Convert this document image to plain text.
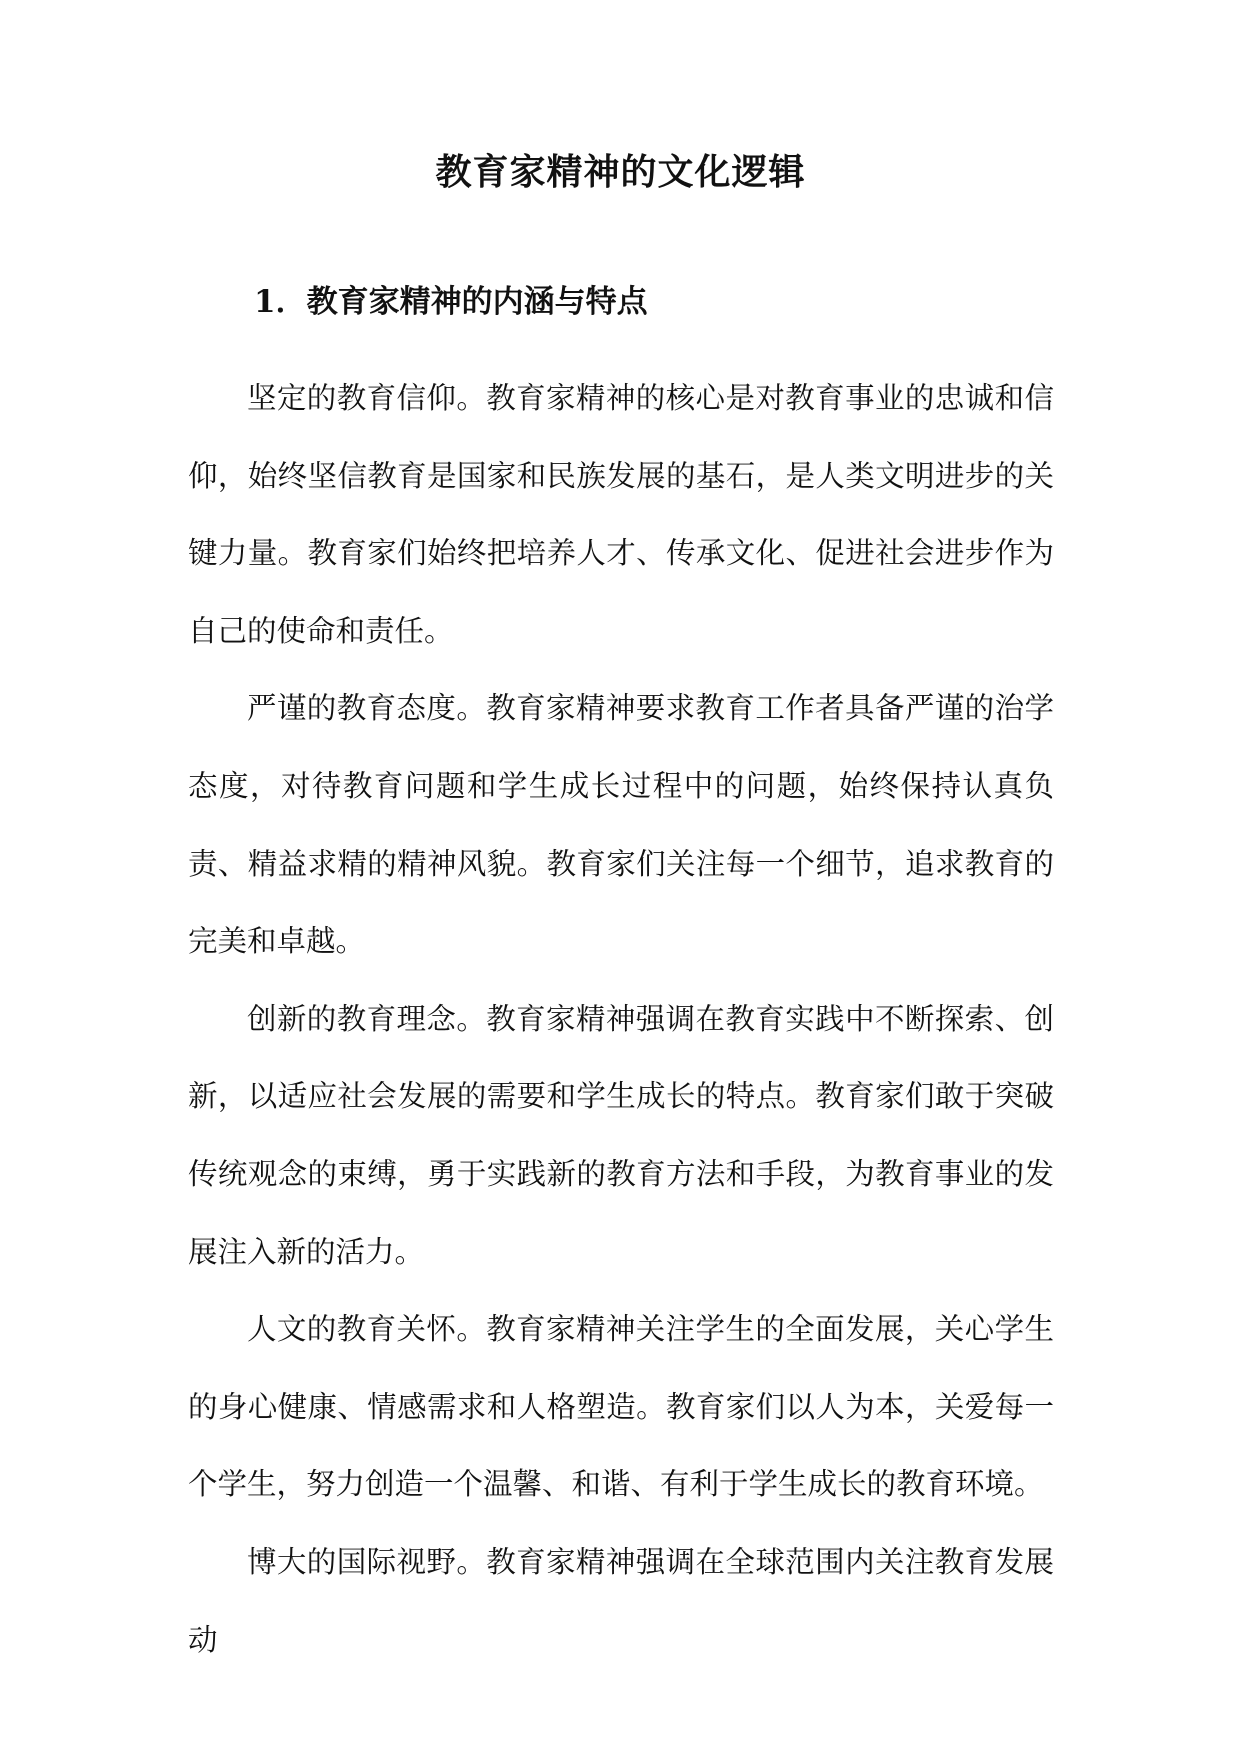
教育家精神的文化逻辑
1．教育家精神的内涵与特点

坚定的教育信仰。教育家精神的核心是对教育事业的忠诚和信仰，始终坚信教育是国家和民族发展的基石，是人类文明进步的关键力量。教育家们始终把培养人才、传承文化、促进社会进步作为自己的使命和责任。

严谨的教育态度。教育家精神要求教育工作者具备严谨的治学态度，对待教育问题和学生成长过程中的问题，始终保持认真负责、精益求精的精神风貌。教育家们关注每一个细节，追求教育的完美和卓越。

创新的教育理念。教育家精神强调在教育实践中不断探索、创新，以适应社会发展的需要和学生成长的特点。教育家们敢于突破传统观念的束缚，勇于实践新的教育方法和手段，为教育事业的发展注入新的活力。

人文的教育关怀。教育家精神关注学生的全面发展，关心学生的身心健康、情感需求和人格塑造。教育家们以人为本，关爱每一个学生，努力创造一个温馨、和谐、有利于学生成长的教育环境。

博大的国际视野。教育家精神强调在全球范围内关注教育发展动
